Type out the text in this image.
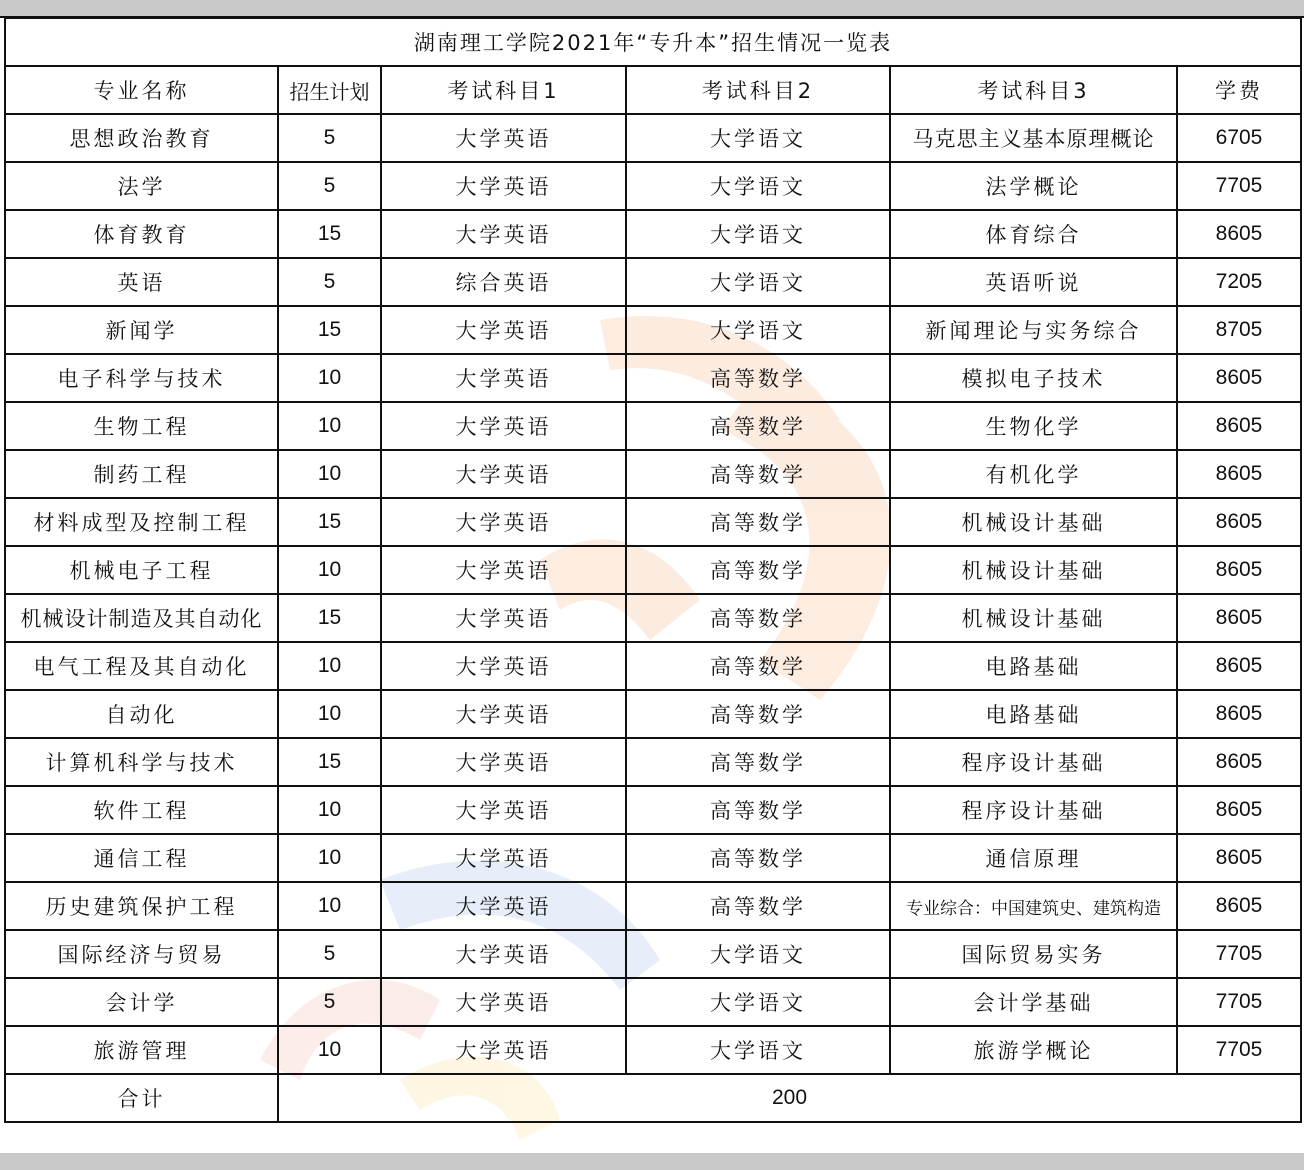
湖南理工学院2021年“专升本”招生情况一览表					
专业名称	招生计划	考试科目1	考试科目2	考试科目3	学费
思想政治教育	5	大学英语	大学语文	马克思主义基本原理概论	6705
法学	5	大学英语	大学语文	法学概论	7705
体育教育	15	大学英语	大学语文	体育综合	8605
英语	5	综合英语	大学语文	英语听说	7205
新闻学	15	大学英语	大学语文	新闻理论与实务综合	8705
电子科学与技术	10	大学英语	高等数学	模拟电子技术	8605
生物工程	10	大学英语	高等数学	生物化学	8605
制药工程	10	大学英语	高等数学	有机化学	8605
材料成型及控制工程	15	大学英语	高等数学	机械设计基础	8605
机械电子工程	10	大学英语	高等数学	机械设计基础	8605
机械设计制造及其自动化	15	大学英语	高等数学	机械设计基础	8605
电气工程及其自动化	10	大学英语	高等数学	电路基础	8605
自动化	10	大学英语	高等数学	电路基础	8605
计算机科学与技术	15	大学英语	高等数学	程序设计基础	8605
软件工程	10	大学英语	高等数学	程序设计基础	8605
通信工程	10	大学英语	高等数学	通信原理	8605
历史建筑保护工程	10	大学英语	高等数学	专业综合：中国建筑史、建筑构造	8605
国际经济与贸易	5	大学英语	大学语文	国际贸易实务	7705
会计学	5	大学英语	大学语文	会计学基础	7705
旅游管理	10	大学英语	大学语文	旅游学概论	7705
合计	200				
